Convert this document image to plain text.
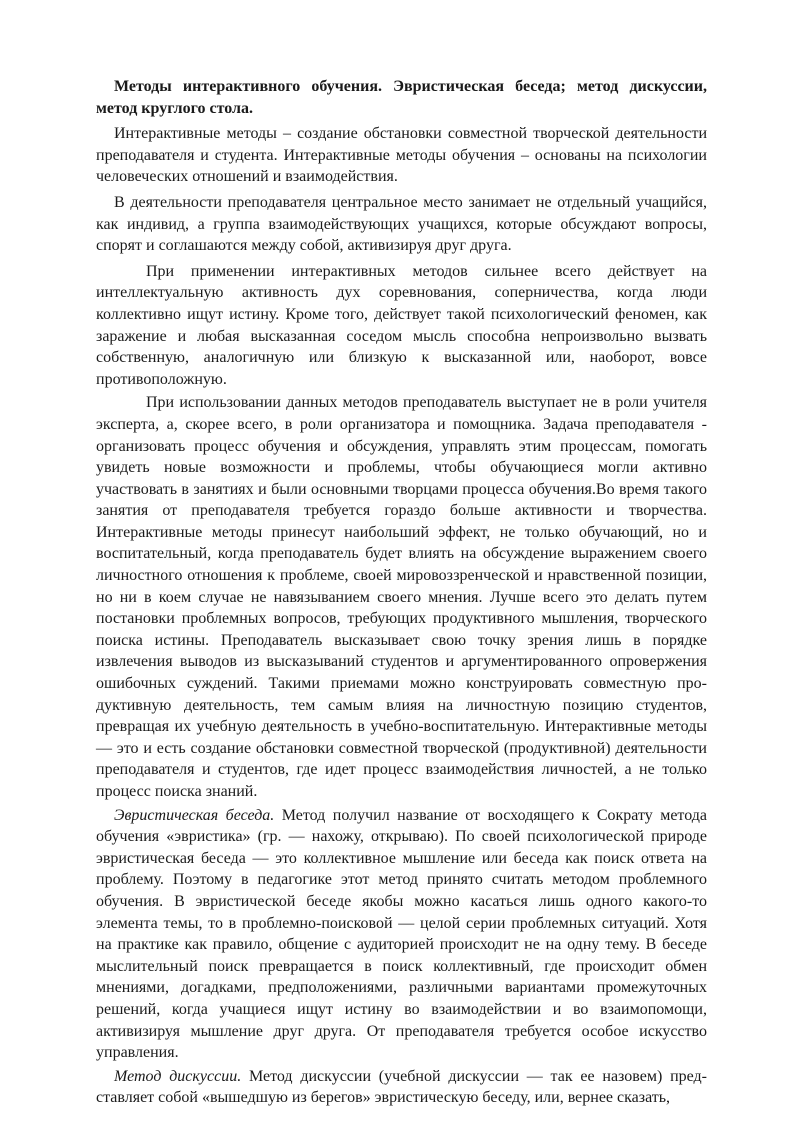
Методы интерактивного обучения. Эвристическая беседа; метод дискуссии, метод круглого стола.

Интерактивные методы – создание обстановки совместной творческой деятельности преподавателя и студента. Интерактивные методы обучения – основаны на психологии человеческих отношений и взаимодействия.

В деятельности преподавателя центральное место занимает не отдельный учащийся, как индивид, а группа взаимодействующих учащихся, которые обсуждают вопросы, спорят и соглашаются между собой, активизируя друг друга.

При применении интерактивных методов сильнее всего действует на интеллектуальную активность дух соревнования, соперничества, когда люди коллективно ищут истину. Кроме того, действует такой психологический феномен, как заражение и любая высказанная соседом мысль способна непроизвольно вызвать собственную, аналогичную или близкую к высказанной или, наоборот, вовсе противоположную.

При использовании данных методов преподаватель выступает не в роли учителя эксперта, а, скорее всего, в роли организатора и помощника. Задача преподавателя - организовать процесс обучения и обсуждения, управлять этим процессам, помогать увидеть новые возможности и проблемы, чтобы обучающиеся могли активно участвовать в занятиях и были основными творцами процесса обучения.Во время такого занятия от преподавателя требуется гораздо больше активности и творчества. Интерактивные методы принесут наибольший эффект, не только обучающий, но и воспитательный, когда преподаватель будет влиять на обсуждение выражением своего личностного отношения к проблеме, своей мировоззренческой и нравственной позиции, но ни в коем случае не навязыванием своего мнения. Лучше всего это делать путем постановки проблемных вопросов, требующих продуктивного мышления, творческого поиска истины. Преподаватель высказывает свою точку зрения лишь в порядке извлечения выводов из высказываний студентов и аргументированного опровержения ошибочных суждений. Такими приемами можно конструировать совместную продуктивную деятельность, тем самым влияя на личностную позицию студентов, превращая их учебную деятельность в учебно-воспитательную. Интерактивные методы — это и есть создание обстановки совместной творческой (продуктивной) деятельности преподавателя и студентов, где идет процесс взаимодействия личностей, а не только процесс поиска знаний.

Эвристическая беседа. Метод получил название от восходящего к Сократу метода обучения «эвристика» (гр. — нахожу, открываю). По своей психологической природе эвристическая беседа — это коллективное мышление или беседа как поиск ответа на проблему. Поэтому в педагогике этот метод принято считать методом проблемного обучения. В эвристической беседе якобы можно касаться лишь одного какого-то элемента темы, то в проблемно-поисковой — целой серии проблемных ситуаций. Хотя на практике как правило, общение с аудиторией происходит не на одну тему. В беседе мыслительный поиск превращается в поиск коллективный, где происходит обмен мнениями, догадками, предположениями, различными вариантами промежуточных решений, когда учащиеся ищут истину во взаимодействии и во взаимопомощи, активизируя мышление друг друга. От преподавателя требуется особое искусство управления.

Метод дискуссии. Метод дискуссии (учебной дискуссии — так ее назовем) представляет собой «вышедшую из берегов» эвристическую беседу, или, вернее сказать,
